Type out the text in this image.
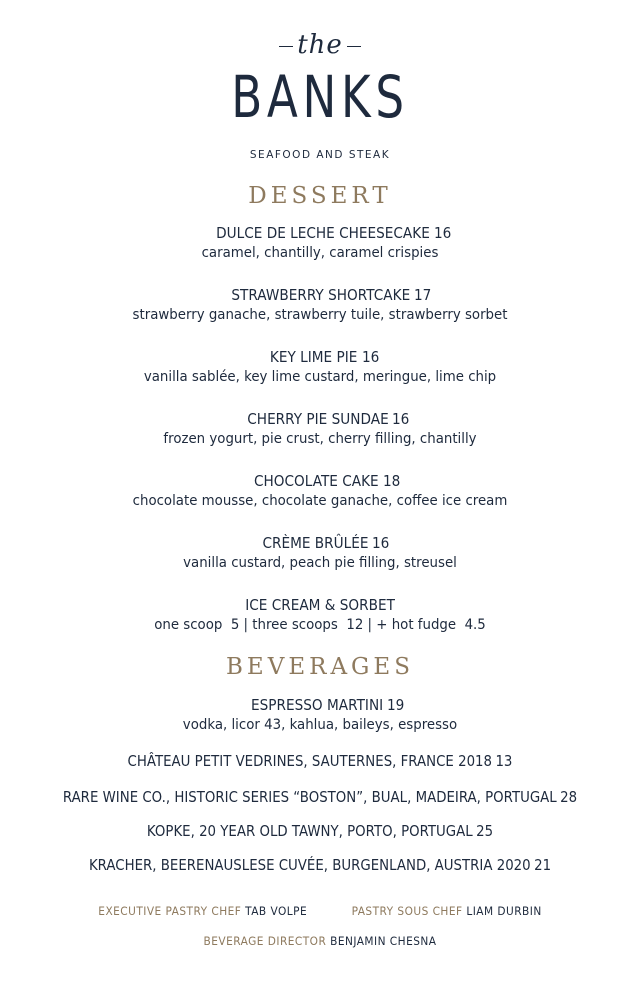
the
BANKS
SEAFOOD AND STEAK
DESSERT
DULCE DE LECHE CHEESECAKE 16
caramel, chantilly, caramel crispies
STRAWBERRY SHORTCAKE 17
strawberry ganache, strawberry tuile, strawberry sorbet
KEY LIME PIE 16
vanilla sablée, key lime custard, meringue, lime chip
CHERRY PIE SUNDAE 16
frozen yogurt, pie crust, cherry filling, chantilly
CHOCOLATE CAKE 18
chocolate mousse, chocolate ganache, coffee ice cream
CRÈME BRÛLÉE 16
vanilla custard, peach pie filling, streusel
ICE CREAM & SORBET
one scoop  5 | three scoops  12 | + hot fudge  4.5
BEVERAGES
ESPRESSO MARTINI 19
vodka, licor 43, kahlua, baileys, espresso
CHÂTEAU PETIT VEDRINES, SAUTERNES, FRANCE 2018 13
RARE WINE CO., HISTORIC SERIES “BOSTON”, BUAL, MADEIRA, PORTUGAL 28
KOPKE, 20 YEAR OLD TAWNY, PORTO, PORTUGAL 25
KRACHER, BEERENAUSLESE CUVÉE, BURGENLAND, AUSTRIA 2020 21
EXECUTIVE PASTRY CHEF TAB VOLPE	PASTRY SOUS CHEF LIAM DURBIN
BEVERAGE DIRECTOR BENJAMIN CHESNA
